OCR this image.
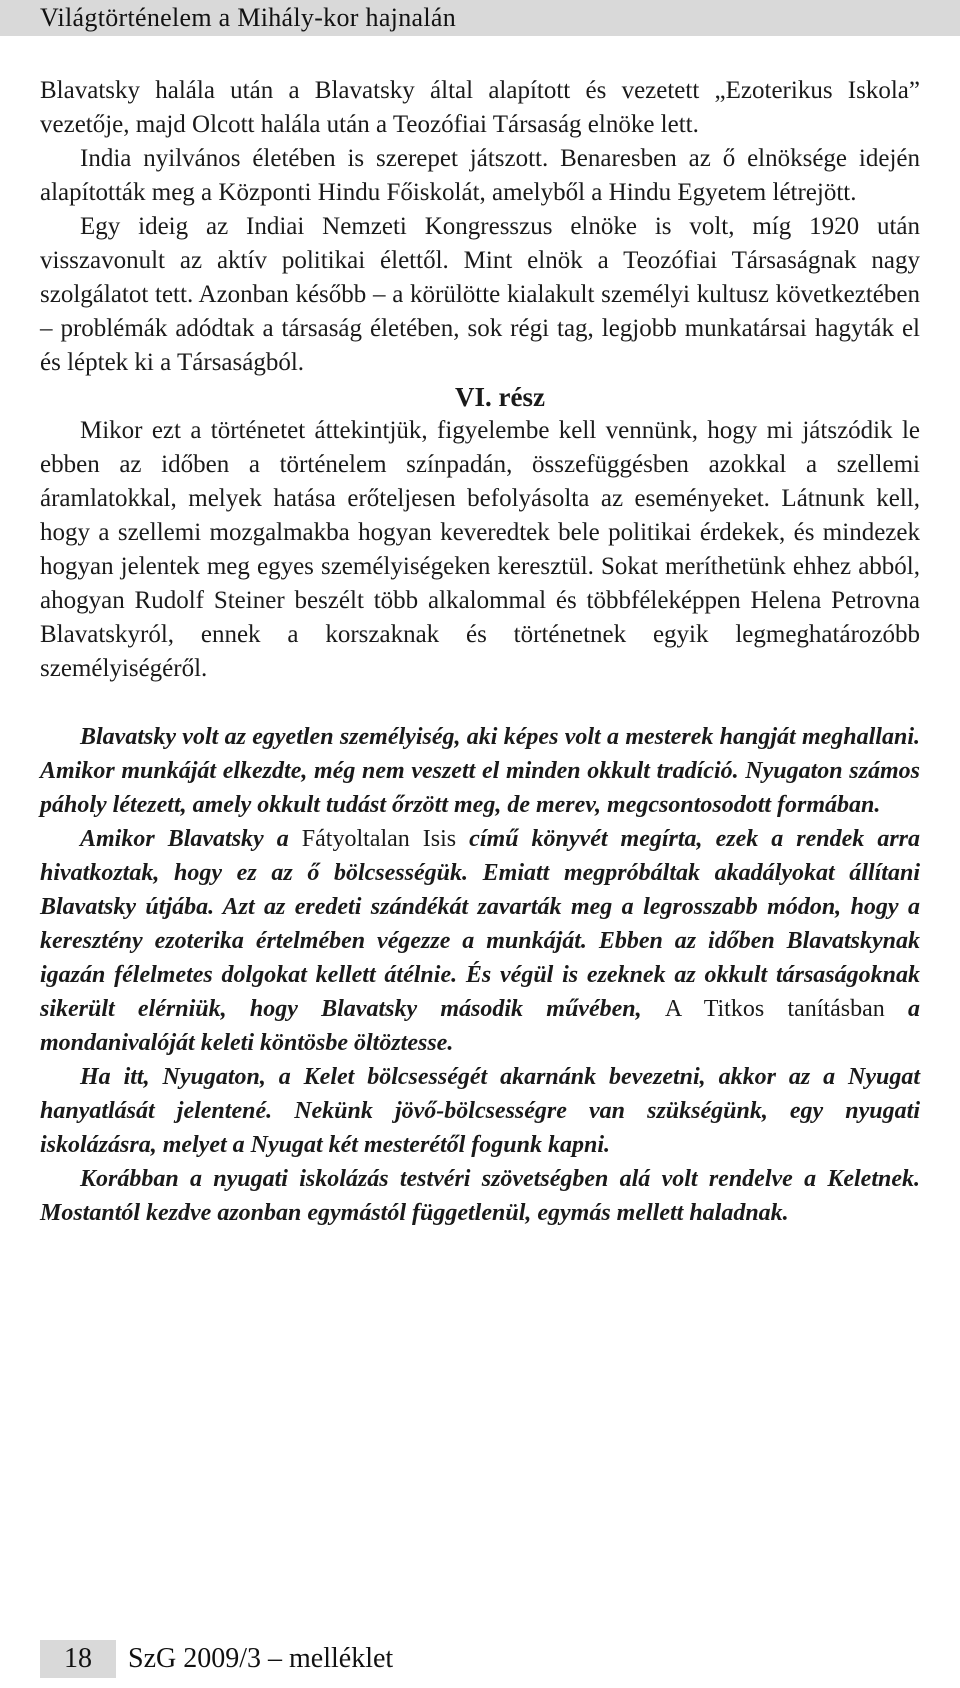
Világtörténelem a Mihály-kor hajnalán

Blavatsky halála után a Blavatsky által alapított és vezetett „Ezoterikus Iskola” vezetője, majd Olcott halála után a Teozófiai Társaság elnöke lett.

India nyilvános életében is szerepet játszott. Benaresben az ő elnöksége idején alapították meg a Központi Hindu Főiskolát, amelyből a Hindu Egyetem létrejött.

Egy ideig az Indiai Nemzeti Kongresszus elnöke is volt, míg 1920 után visszavonult az aktív politikai élettől. Mint elnök a Teozófiai Társaságnak nagy szolgálatot tett. Azonban később – a körülötte kialakult személyi kultusz következtében – problémák adódtak a társaság életében, sok régi tag, legjobb munkatársai hagyták el és léptek ki a Társaságból.

VI. rész

Mikor ezt a történetet áttekintjük, figyelembe kell vennünk, hogy mi játszódik le ebben az időben a történelem színpadán, összefüggésben azokkal a szellemi áramlatokkal, melyek hatása erőteljesen befolyásolta az eseményeket. Látnunk kell, hogy a szellemi mozgalmakba hogyan keveredtek bele politikai érdekek, és mindezek hogyan jelentek meg egyes személyiségeken keresztül. Sokat meríthetünk ehhez abból, ahogyan Rudolf Steiner beszélt több alkalommal és többféleképpen Helena Petrovna Blavatskyról, ennek a korszaknak és történetnek egyik legmeghatározóbb személyiségéről.

Blavatsky volt az egyetlen személyiség, aki képes volt a mesterek hangját meghallani. Amikor munkáját elkezdte, még nem veszett el minden okkult tradíció. Nyugaton számos páholy létezett, amely okkult tudást őrzött meg, de merev, megcsontosodott formában.

Amikor Blavatsky a Fátyoltalan Isis című könyvét megírta, ezek a rendek arra hivatkoztak, hogy ez az ő bölcsességük. Emiatt megpróbáltak akadályokat állítani Blavatsky útjába. Azt az eredeti szándékát zavarták meg a legrosszabb módon, hogy a keresztény ezoterika értelmében végezze a munkáját. Ebben az időben Blavatskynak igazán félelmetes dolgokat kellett átélnie. És végül is ezeknek az okkult társaságoknak sikerült elérniük, hogy Blavatsky második művében, A Titkos tanításban a mondanivalóját keleti köntösbe öltöztesse.

Ha itt, Nyugaton, a Kelet bölcsességét akarnánk bevezetni, akkor az a Nyugat hanyatlását jelentené. Nekünk jövő-bölcsességre van szükségünk, egy nyugati iskolázásra, melyet a Nyugat két mesterétől fogunk kapni.

Korábban a nyugati iskolázás testvéri szövetségben alá volt rendelve a Keletnek. Mostantól kezdve azonban egymástól függetlenül, egymás mellett haladnak.

18	SzG 2009/3 – melléklet
